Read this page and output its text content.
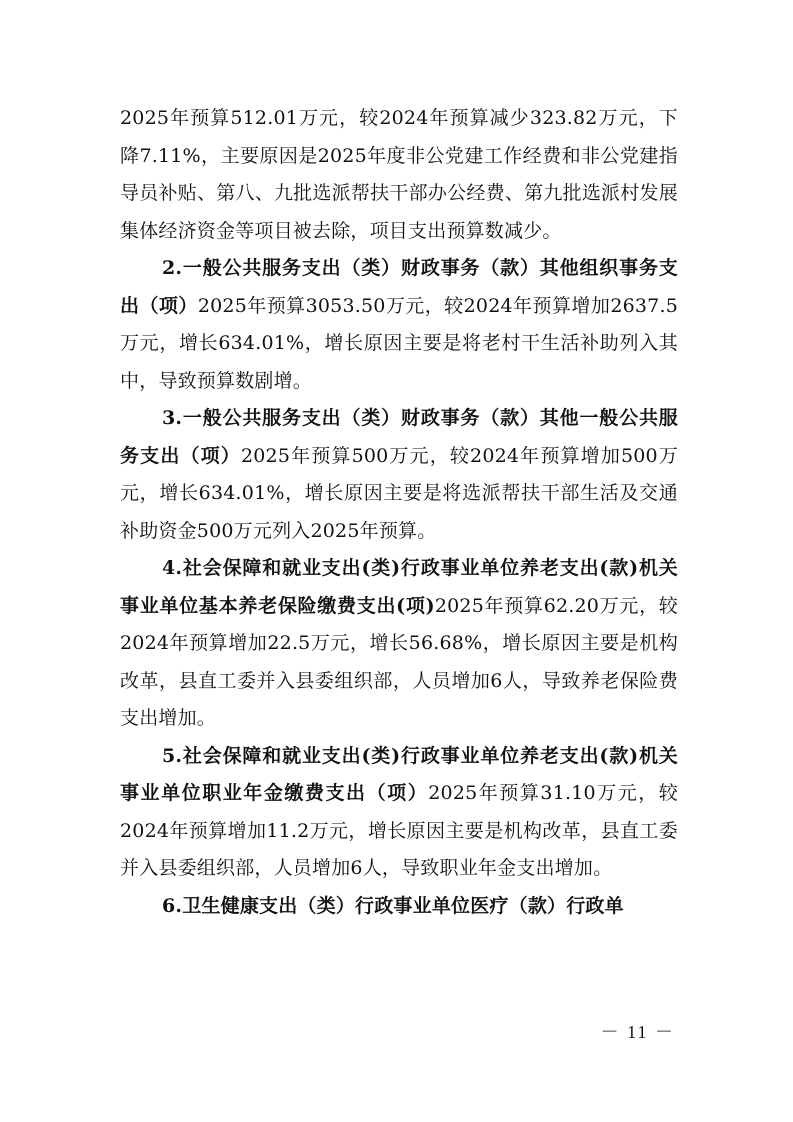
2025年预算512.01万元，较2024年预算减少323.82万元，下降7.11%，主要原因是2025年度非公党建工作经费和非公党建指导员补贴、第八、九批选派帮扶干部办公经费、第九批选派村发展集体经济资金等项目被去除，项目支出预算数减少。

2.一般公共服务支出（类）财政事务（款）其他组织事务支出（项）2025年预算3053.50万元，较2024年预算增加2637.5万元，增长634.01%，增长原因主要是将老村干生活补助列入其中，导致预算数剧增。

3.一般公共服务支出（类）财政事务（款）其他一般公共服务支出（项）2025年预算500万元，较2024年预算增加500万元，增长634.01%，增长原因主要是将选派帮扶干部生活及交通补助资金500万元列入2025年预算。

4.社会保障和就业支出(类)行政事业单位养老支出(款)机关事业单位基本养老保险缴费支出(项)2025年预算62.20万元，较2024年预算增加22.5万元，增长56.68%，增长原因主要是机构改革，县直工委并入县委组织部，人员增加6人，导致养老保险费支出增加。

5.社会保障和就业支出(类)行政事业单位养老支出(款)机关事业单位职业年金缴费支出（项）2025年预算31.10万元，较2024年预算增加11.2万元，增长原因主要是机构改革，县直工委并入县委组织部，人员增加6人，导致职业年金支出增加。

6.卫生健康支出（类）行政事业单位医疗（款）行政单

－ 11 －
